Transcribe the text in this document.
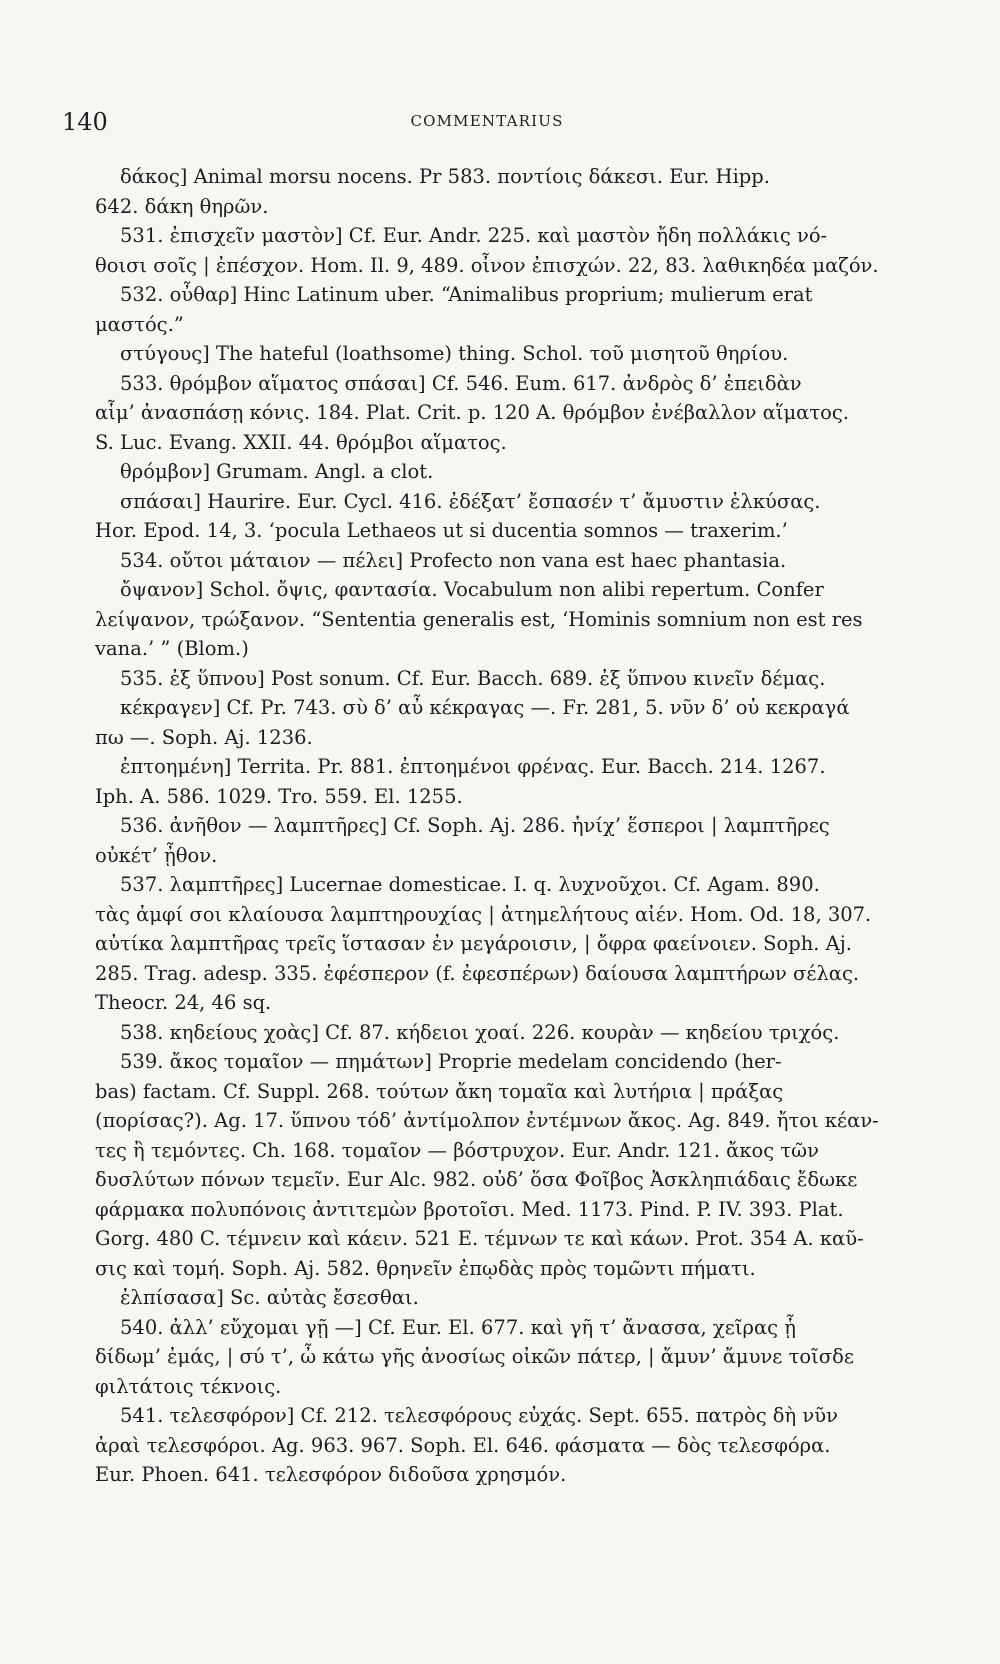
140	COMMENTARIUS
δάκος] Animal morsu nocens. Pr 583. ποντίοις δάκεσι. Eur. Hipp.
642. δάκη θηρῶν.
531. ἐπισχεῖν μαστὸν] Cf. Eur. Andr. 225. καὶ μαστὸν ἤδη πολλάκις νό-
θοισι σοῖς | ἐπέσχον. Hom. Il. 9, 489. οἶνον ἐπισχών. 22, 83. λαθικηδέα μαζόν.
532. οὖθαρ] Hinc Latinum uber. “Animalibus proprium; mulierum erat
μαστός.”
στύγους] The hateful (loathsome) thing. Schol. τοῦ μισητοῦ θηρίου.
533. θρόμβον αἵματος σπάσαι] Cf. 546. Eum. 617. ἀνδρὸς δ’ ἐπειδὰν
αἷμ’ ἀνασπάσῃ κόνις. 184. Plat. Crit. p. 120 A. θρόμβον ἐνέβαλλον αἵματος.
S. Luc. Evang. XXII. 44. θρόμβοι αἵματος.
θρόμβον] Grumam. Angl. a clot.
σπάσαι] Haurire. Eur. Cycl. 416. ἐδέξατ’ ἔσπασέν τ’ ἄμυστιν ἑλκύσας.
Hor. Epod. 14, 3. ‘pocula Lethaeos ut si ducentia somnos — traxerim.’
534. οὔτοι μάταιον — πέλει] Profecto non vana est haec phantasia.
ὄψανον] Schol. ὄψις, φαντασία. Vocabulum non alibi repertum. Confer
λείψανον, τρώξανον. “Sententia generalis est, ‘Hominis somnium non est res
vana.’ ” (Blom.)
535. ἐξ ὕπνου] Post sonum. Cf. Eur. Bacch. 689. ἐξ ὕπνου κινεῖν δέμας.
κέκραγεν] Cf. Pr. 743. σὺ δ’ αὖ κέκραγας —. Fr. 281, 5. νῦν δ’ οὐ κεκραγά
πω —. Soph. Aj. 1236.
ἐπτοημένη] Territa. Pr. 881. ἐπτοημένοι φρένας. Eur. Bacch. 214. 1267.
Iph. A. 586. 1029. Tro. 559. El. 1255.
536. ἀνῆθον — λαμπτῆρες] Cf. Soph. Aj. 286. ἡνίχ’ ἕσπεροι | λαμπτῆρες
οὐκέτ’ ᾖθον.
537. λαμπτῆρες] Lucernae domesticae. I. q. λυχνοῦχοι. Cf. Agam. 890.
τὰς ἀμφί σοι κλαίουσα λαμπτηρουχίας | ἀτημελήτους αἰέν. Hom. Od. 18, 307.
αὐτίκα λαμπτῆρας τρεῖς ἵστασαν ἐν μεγάροισιν, | ὄφρα φαείνοιεν. Soph. Aj.
285. Trag. adesp. 335. ἐφέσπερον (f. ἐφεσπέρων) δαίουσα λαμπτήρων σέλας.
Theocr. 24, 46 sq.
538. κηδείους χοὰς] Cf. 87. κήδειοι χοαί. 226. κουρὰν — κηδείου τριχός.
539. ἄκος τομαῖον — πημάτων] Proprie medelam concidendo (her-
bas) factam. Cf. Suppl. 268. τούτων ἄκη τομαῖα καὶ λυτήρια | πράξας
(πορίσας?). Ag. 17. ὕπνου τόδ’ ἀντίμολπον ἐντέμνων ἄκος. Ag. 849. ἤτοι κέαν-
τες ἢ τεμόντες. Ch. 168. τομαῖον — βόστρυχον. Eur. Andr. 121. ἄκος τῶν
δυσλύτων πόνων τεμεῖν. Eur Alc. 982. οὐδ’ ὅσα Φοῖβος Ἀσκληπιάδαις ἔδωκε
φάρμακα πολυπόνοις ἀντιτεμὼν βροτοῖσι. Med. 1173. Pind. P. IV. 393. Plat.
Gorg. 480 C. τέμνειν καὶ κάειν. 521 E. τέμνων τε καὶ κάων. Prot. 354 A. καῦ-
σις καὶ τομή. Soph. Aj. 582. θρηνεῖν ἐπῳδὰς πρὸς τομῶντι πήματι.
ἐλπίσασα] Sc. αὐτὰς ἔσεσθαι.
540. ἀλλ’ εὔχομαι γῇ —] Cf. Eur. El. 677. καὶ γῆ τ’ ἄνασσα, χεῖρας ᾗ
δίδωμ’ ἐμάς, | σύ τ’, ὦ κάτω γῆς ἀνοσίως οἰκῶν πάτερ, | ἄμυν’ ἄμυνε τοῖσδε
φιλτάτοις τέκνοις.
541. τελεσφόρον] Cf. 212. τελεσφόρους εὐχάς. Sept. 655. πατρὸς δὴ νῦν
ἀραὶ τελεσφόροι. Ag. 963. 967. Soph. El. 646. φάσματα — δὸς τελεσφόρα.
Eur. Phoen. 641. τελεσφόρον διδοῦσα χρησμόν.
